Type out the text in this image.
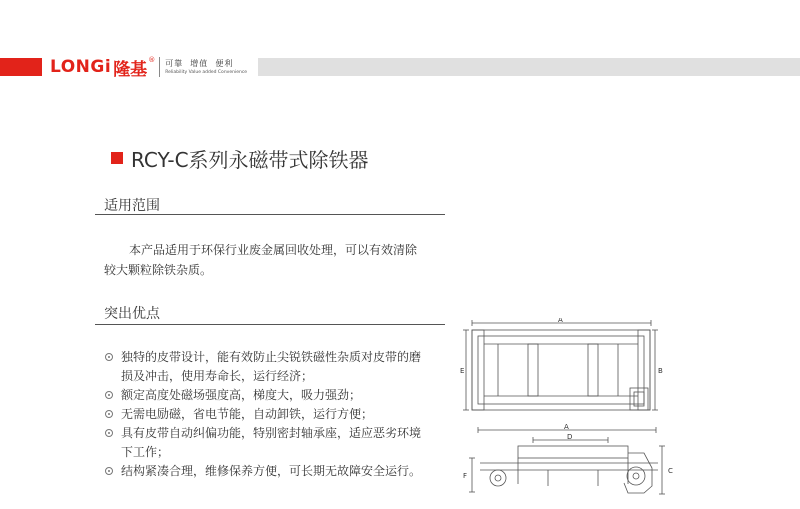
LONGi 隆基 ® 可靠  增值  便利
Reliability Value added Convenience
RCY-C系列永磁带式除铁器
适用范围
本产品适用于环保行业废金属回收处理，可以有效清除
较大颗粒除铁杂质。
突出优点
独特的皮带设计，能有效防止尖锐铁磁性杂质对皮带的磨
损及冲击，使用寿命长，运行经济；
额定高度处磁场强度高，梯度大，吸力强劲；
无需电励磁，省电节能，自动卸铁，运行方便；
具有皮带自动纠偏功能，特别密封轴承座，适应恶劣环境
下工作；
结构紧凑合理，维修保养方便，可长期无故障安全运行。
A
E	B
A
D
F
C
